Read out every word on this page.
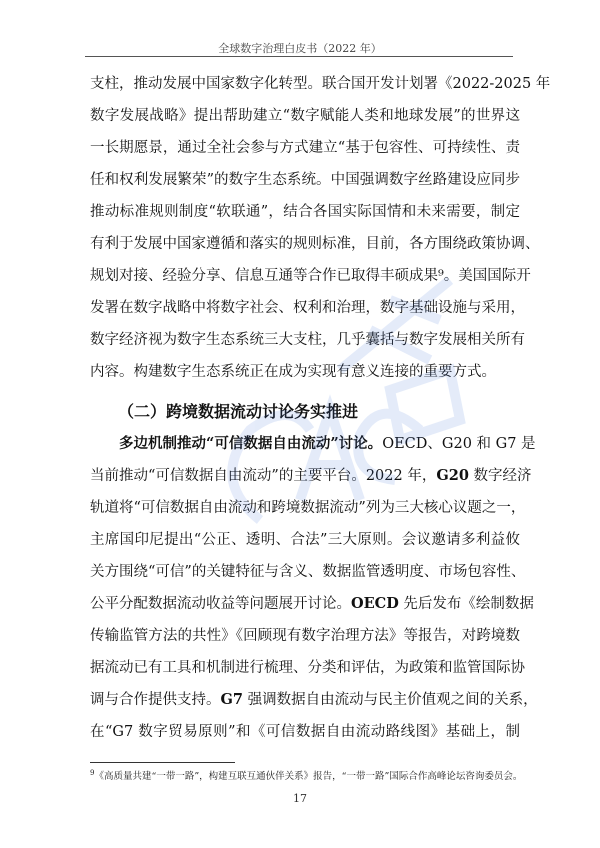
全球数字治理白皮书（2022 年）
支柱，推动发展中国家数字化转型。联合国开发计划署《2022-2025 年
数字发展战略》提出帮助建立“数字赋能人类和地球发展”的世界这
一长期愿景，通过全社会参与方式建立“基于包容性、可持续性、责
任和权利发展繁荣”的数字生态系统。中国强调数字丝路建设应同步
推动标准规则制度“软联通”，结合各国实际国情和未来需要，制定
有利于发展中国家遵循和落实的规则标准，目前，各方围绕政策协调、
规划对接、经验分享、信息互通等合作已取得丰硕成果⁹。美国国际开
发署在数字战略中将数字社会、权利和治理，数字基础设施与采用，
数字经济视为数字生态系统三大支柱，几乎囊括与数字发展相关所有
内容。构建数字生态系统正在成为实现有意义连接的重要方式。
（二）跨境数据流动讨论务实推进
多边机制推动“可信数据自由流动”讨论。OECD、G20 和 G7 是
当前推动“可信数据自由流动”的主要平台。2022 年，G20 数字经济
轨道将“可信数据自由流动和跨境数据流动”列为三大核心议题之一，
主席国印尼提出“公正、透明、合法”三大原则。会议邀请多利益攸
关方围绕“可信”的关键特征与含义、数据监管透明度、市场包容性、
公平分配数据流动收益等问题展开讨论。OECD 先后发布《绘制数据
传输监管方法的共性》《回顾现有数字治理方法》等报告，对跨境数
据流动已有工具和机制进行梳理、分类和评估，为政策和监管国际协
调与合作提供支持。G7 强调数据自由流动与民主价值观之间的关系，
在“G7 数字贸易原则”和《可信数据自由流动路线图》基础上，制
$^9$《高质量共建“一带一路”，构建互联互通伙伴关系》报告，“一带一路”国际合作高峰论坛咨询委员会。
17
